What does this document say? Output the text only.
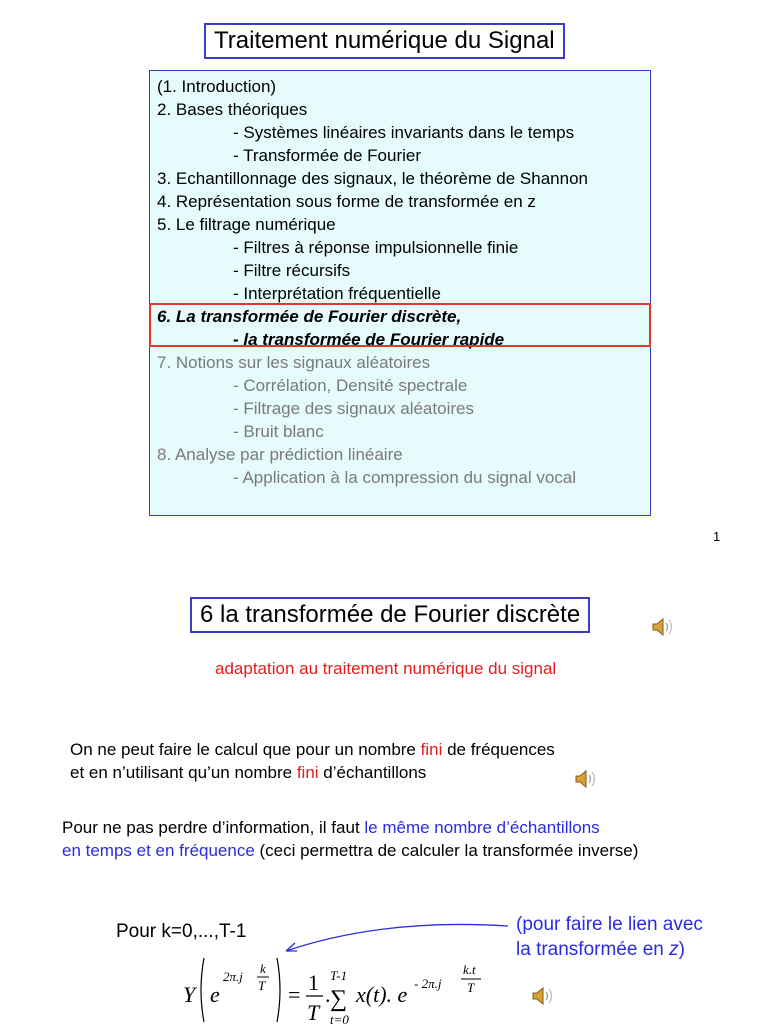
Traitement numérique du Signal
(1. Introduction)
2. Bases théoriques
- Systèmes linéaires invariants dans le temps
- Transformée de Fourier
3. Echantillonnage des signaux, le théorème de Shannon
4. Représentation sous forme de transformée en z
5. Le filtrage numérique
- Filtres à réponse impulsionnelle finie
- Filtre récursifs
- Interprétation fréquentielle
6. La transformée de Fourier discrète,
- la transformée de Fourier rapide
7. Notions sur les signaux aléatoires
- Corrélation, Densité spectrale
- Filtrage des signaux aléatoires
- Bruit blanc
8. Analyse par prédiction linéaire
- Application à la compression du signal vocal
1
6 la transformée de Fourier discrète
adaptation au traitement numérique du signal
On ne peut faire le calcul que pour un nombre fini de fréquences
et en n’utilisant qu’un nombre fini d’échantillons
Pour ne pas perdre d’information, il faut le même nombre d’échantillons
en temps et en fréquence (ceci permettra de calculer la transformée inverse)
Pour k=0,...,T-1	(pour faire le lien avec
la transformée en z)
Y e
2π.j
k
T = 1
T
.
T-1
∑
t=0
x(t). e - 2π.j
k.t
T
